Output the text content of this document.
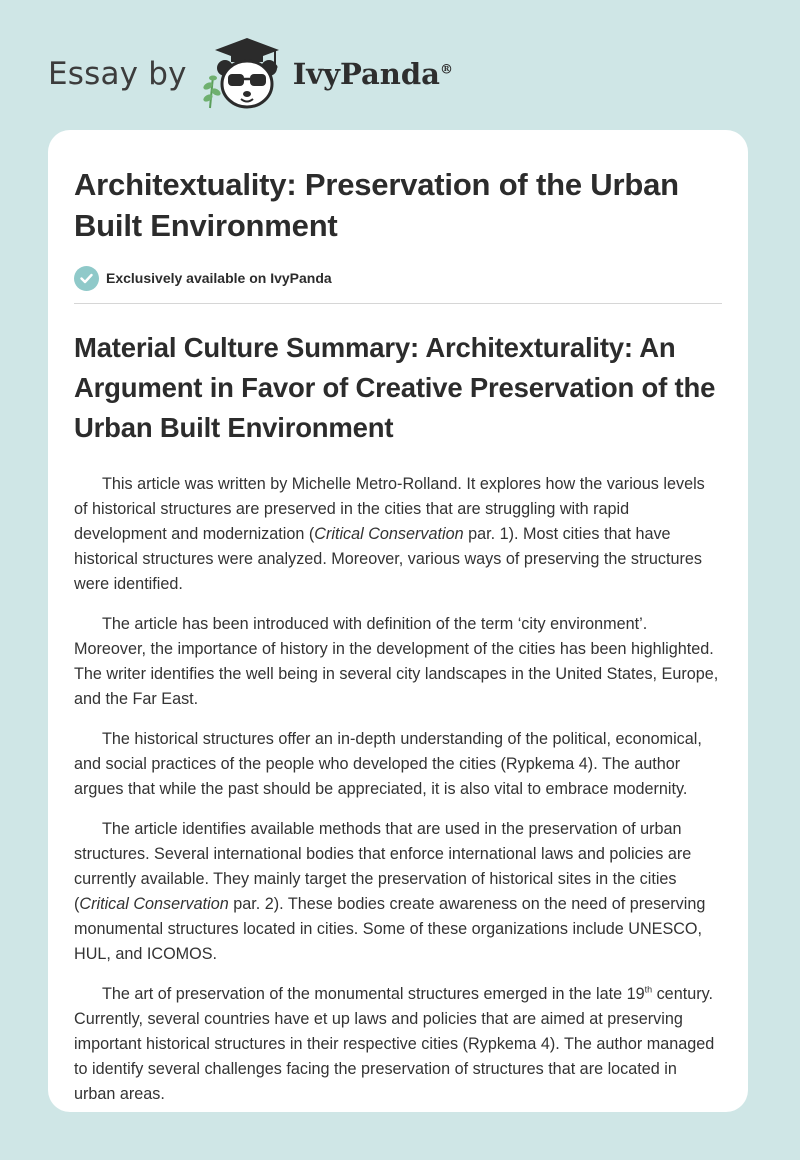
Essay by	IvyPanda®
Architextuality: Preservation of the Urban Built Environment
Exclusively available on IvyPanda
Material Culture Summary: Architexturality: An Argument in Favor of Creative Preservation of the Urban Built Environment

This article was written by Michelle Metro-Rolland. It explores how the various levels of historical structures are preserved in the cities that are struggling with rapid development and modernization (Critical Conservation par. 1). Most cities that have historical structures were analyzed. Moreover, various ways of preserving the structures were identified.

The article has been introduced with definition of the term ‘city environment’. Moreover, the importance of history in the development of the cities has been highlighted. The writer identifies the well being in several city landscapes in the United States, Europe, and the Far East.

The historical structures offer an in-depth understanding of the political, economical, and social practices of the people who developed the cities (Rypkema 4). The author argues that while the past should be appreciated, it is also vital to embrace modernity.

The article identifies available methods that are used in the preservation of urban structures. Several international bodies that enforce international laws and policies are currently available. They mainly target the preservation of historical sites in the cities (Critical Conservation par. 2). These bodies create awareness on the need of preserving monumental structures located in cities. Some of these organizations include UNESCO, HUL, and ICOMOS.

The art of preservation of the monumental structures emerged in the late 19th century. Currently, several countries have et up laws and policies that are aimed at preserving important historical structures in their respective cities (Rypkema 4). The author managed to identify several challenges facing the preservation of structures that are located in urban areas.
